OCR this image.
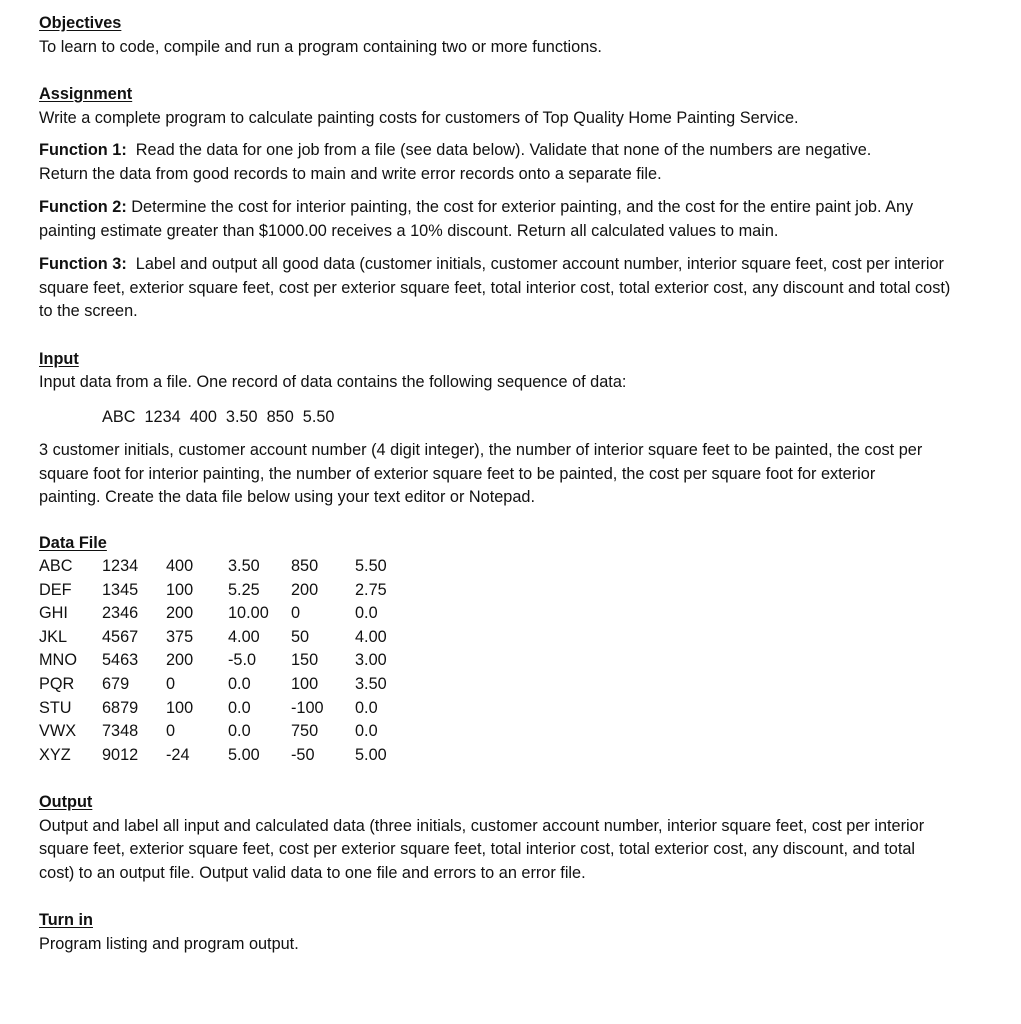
Objectives

To learn to code, compile and run a program containing two or more functions.

Assignment

Write a complete program to calculate painting costs for customers of Top Quality Home Painting Service.

Function 1: Read the data for one job from a file (see data below). Validate that none of the numbers are negative. Return the data from good records to main and write error records onto a separate file.

Function 2: Determine the cost for interior painting, the cost for exterior painting, and the cost for the entire paint job. Any painting estimate greater than $1000.00 receives a 10% discount. Return all calculated values to main.

Function 3: Label and output all good data (customer initials, customer account number, interior square feet, cost per interior square feet, exterior square feet, cost per exterior square feet, total interior cost, total exterior cost, any discount and total cost) to the screen.

Input

Input data from a file. One record of data contains the following sequence of data:

ABC 1234 400 3.50 850 5.50

3 customer initials, customer account number (4 digit integer), the number of interior square feet to be painted, the cost per square foot for interior painting, the number of exterior square feet to be painted, the cost per square foot for exterior painting. Create the data file below using your text editor or Notepad.

Data File

ABC	1234	400	3.50	850	5.50
DEF	1345	100	5.25	200	2.75
GHI	2346	200	10.00	0	0.0
JKL	4567	375	4.00	50	4.00
MNO	5463	200	-5.0	150	3.00
PQR	679	0	0.0	100	3.50
STU	6879	100	0.0	-100	0.0
VWX	7348	0	0.0	750	0.0
XYZ	9012	-24	5.00	-50	5.00

Output

Output and label all input and calculated data (three initials, customer account number, interior square feet, cost per interior square feet, exterior square feet, cost per exterior square feet, total interior cost, total exterior cost, any discount, and total cost) to an output file. Output valid data to one file and errors to an error file.

Turn in

Program listing and program output.
